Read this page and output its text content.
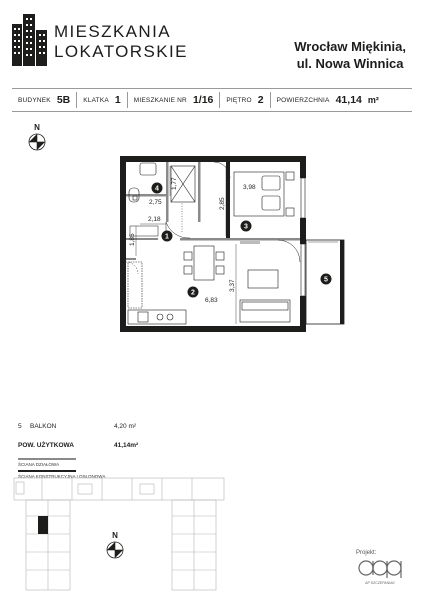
MIESZKANIA
LOKATORSKIE	Wrocław Miękinia,
ul. Nowa Winnica
BUDYNEK 5B KLATKA 1 MIESZKANIE NR 1/16 PIĘTRO 2 POWIERZCHNIA 41,14 m²
N
4
1
3
2
5
2,75
2,18
3,98
6,83
1,77
2,85
1,85
3,37
5	BALKON	4,20 m²
POW. UŻYTKOWA	41,14m²
ŚCIANA DZIAŁOWA
ŚCIANA KONSTRUKCYJNA I OSŁONOWA
N
Projekt:
AP SZCZEPANIAK
